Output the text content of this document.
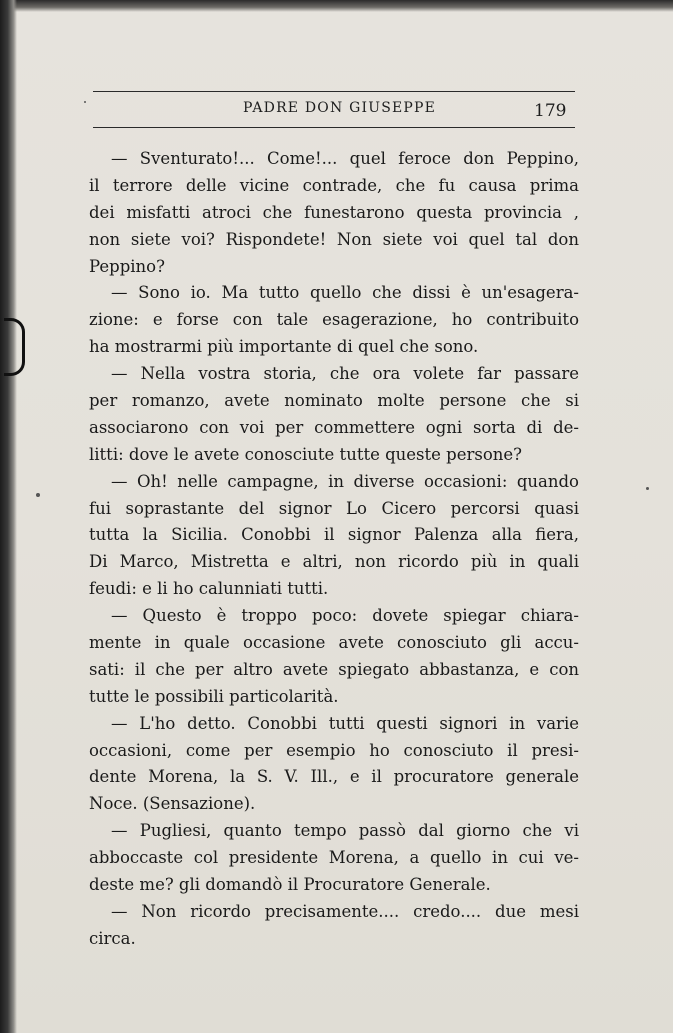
PADRE DON GIUSEPPE	179
— Sventurato!... Come!... quel feroce don Peppino,
il terrore delle vicine contrade, che fu causa prima
dei misfatti atroci che funestarono questa provincia ,
non siete voi? Rispondete! Non siete voi quel tal don
Peppino?
— Sono io. Ma tutto quello che dissi è un'esagera-
zione: e forse con tale esagerazione, ho contribuito
ha mostrarmi più importante di quel che sono.
— Nella vostra storia, che ora volete far passare
per romanzo, avete nominato molte persone che si
associarono con voi per commettere ogni sorta di de-
litti: dove le avete conosciute tutte queste persone?
— Oh! nelle campagne, in diverse occasioni: quando
fui soprastante del signor Lo Cicero percorsi quasi
tutta la Sicilia. Conobbi il signor Palenza alla fiera,
Di Marco, Mistretta e altri, non ricordo più in quali
feudi: e li ho calunniati tutti.
— Questo è troppo poco: dovete spiegar chiara-
mente in quale occasione avete conosciuto gli accu-
sati: il che per altro avete spiegato abbastanza, e con
tutte le possibili particolarità.
— L'ho detto. Conobbi tutti questi signori in varie
occasioni, come per esempio ho conosciuto il presi-
dente Morena, la S. V. Ill., e il procuratore generale
Noce. (Sensazione).
— Pugliesi, quanto tempo passò dal giorno che vi
abboccaste col presidente Morena, a quello in cui ve-
deste me? gli domandò il Procuratore Generale.
— Non ricordo precisamente.... credo.... due mesi
circa.
